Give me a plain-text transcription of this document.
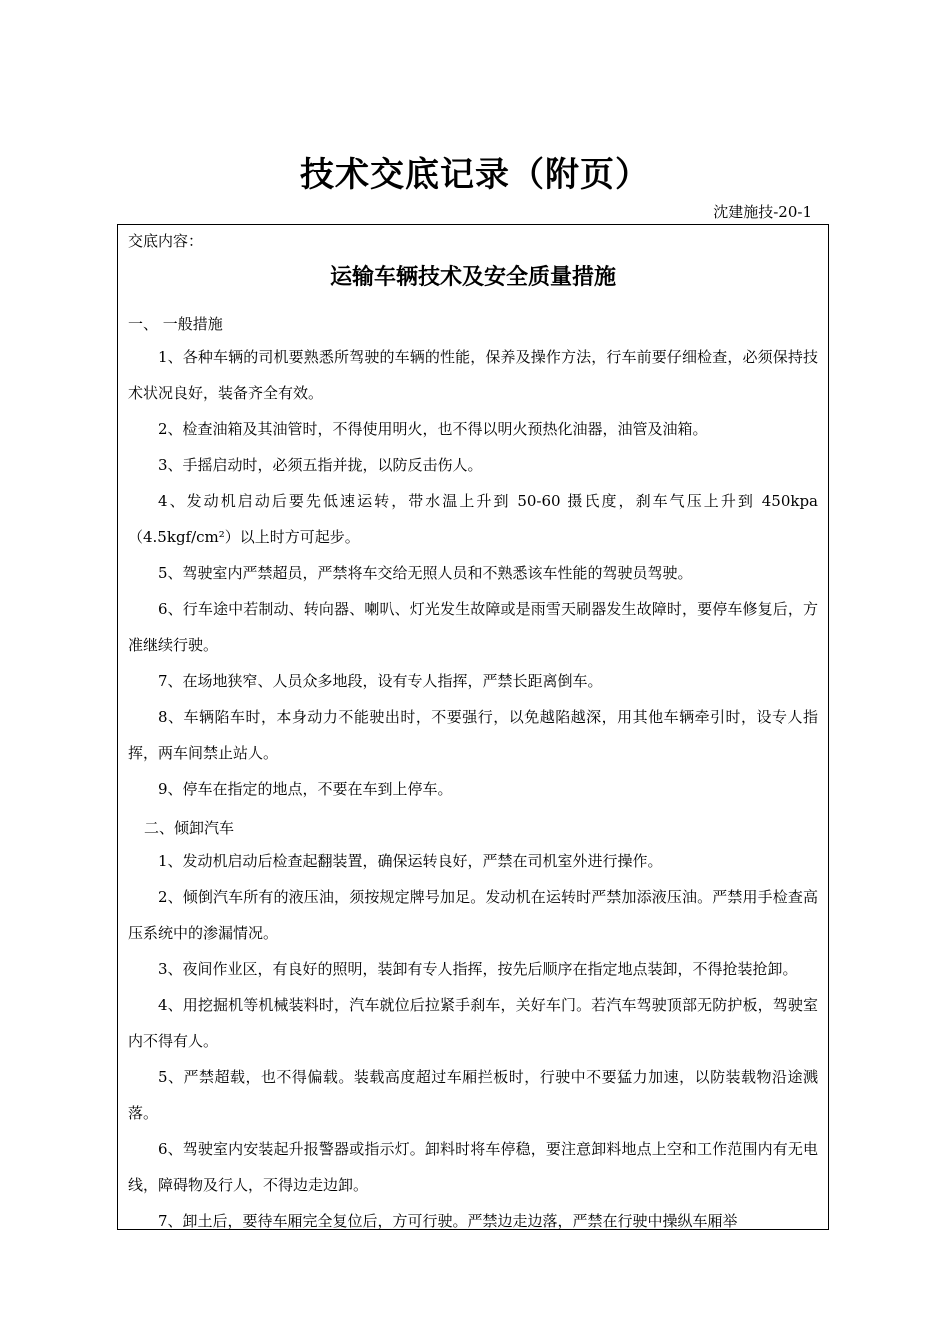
技术交底记录（附页）
沈建施技-20-1
交底内容：
运输车辆技术及安全质量措施
一、 一般措施

1、各种车辆的司机要熟悉所驾驶的车辆的性能，保养及操作方法，行车前要仔细检查，必须保持技术状况良好，装备齐全有效。

2、检查油箱及其油管时，不得使用明火，也不得以明火预热化油器，油管及油箱。

3、手摇启动时，必须五指并拢，以防反击伤人。

4、发动机启动后要先低速运转，带水温上升到 50-60 摄氏度，刹车气压上升到 450kpa（4.5kgf/cm²）以上时方可起步。

5、驾驶室内严禁超员，严禁将车交给无照人员和不熟悉该车性能的驾驶员驾驶。

6、行车途中若制动、转向器、喇叭、灯光发生故障或是雨雪天刷器发生故障时，要停车修复后，方准继续行驶。

7、在场地狭窄、人员众多地段，设有专人指挥，严禁长距离倒车。

8、车辆陷车时，本身动力不能驶出时，不要强行，以免越陷越深，用其他车辆牵引时，设专人指挥，两车间禁止站人。

9、停车在指定的地点，不要在车到上停车。

二、倾卸汽车

1、发动机启动后检查起翻装置，确保运转良好，严禁在司机室外进行操作。

2、倾倒汽车所有的液压油，须按规定牌号加足。发动机在运转时严禁加添液压油。严禁用手检查高压系统中的渗漏情况。

3、夜间作业区，有良好的照明，装卸有专人指挥，按先后顺序在指定地点装卸，不得抢装抢卸。

4、用挖掘机等机械装料时，汽车就位后拉紧手刹车，关好车门。若汽车驾驶顶部无防护板，驾驶室内不得有人。

5、严禁超载，也不得偏载。装载高度超过车厢拦板时，行驶中不要猛力加速，以防装载物沿途溅落。

6、驾驶室内安装起升报警器或指示灯。卸料时将车停稳，要注意卸料地点上空和工作范围内有无电线，障碍物及行人，不得边走边卸。

7、卸土后，要待车厢完全复位后，方可行驶。严禁边走边落，严禁在行驶中操纵车厢举
